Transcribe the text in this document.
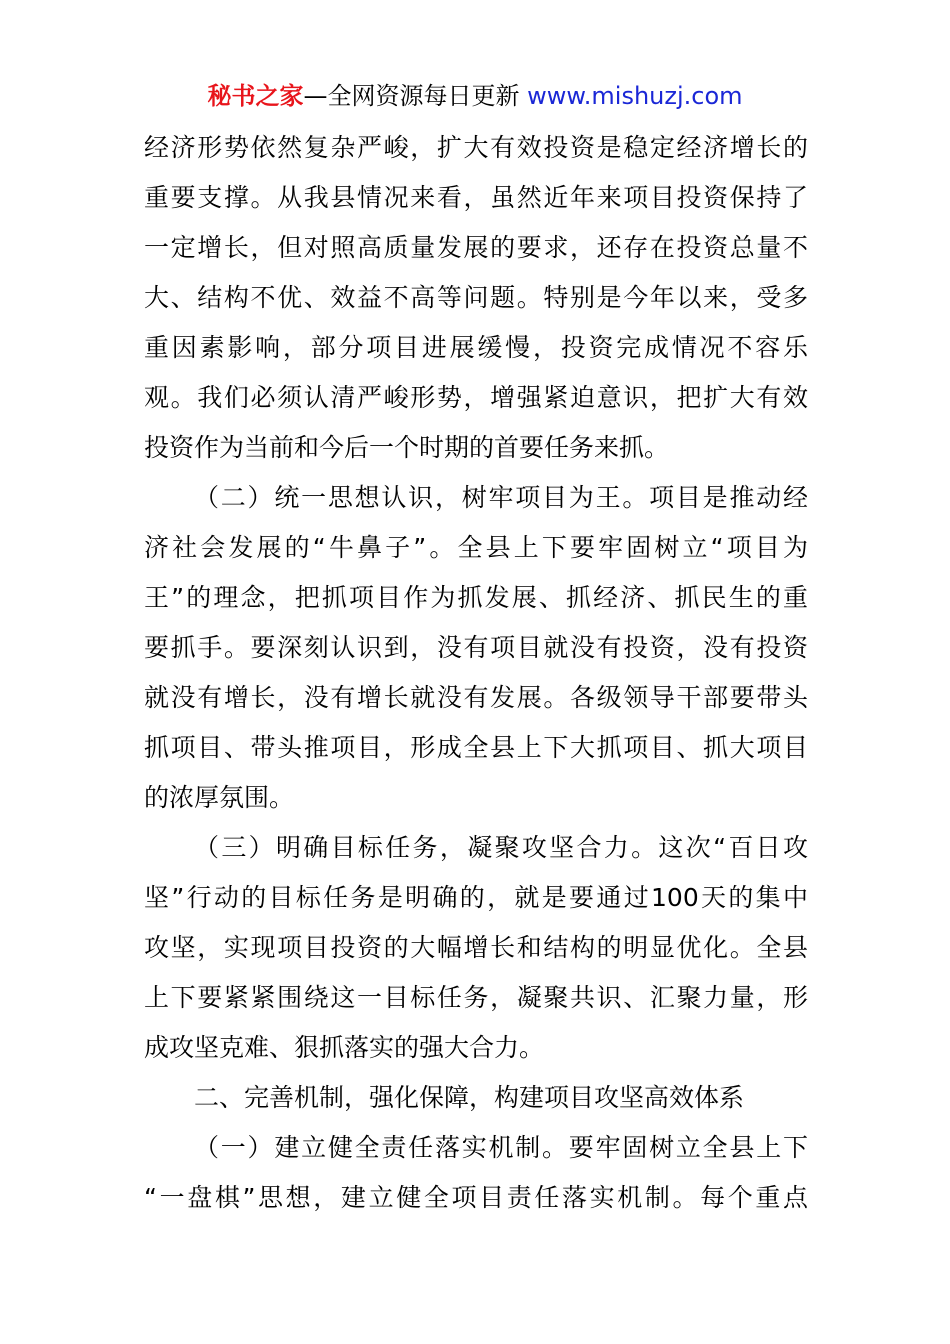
秘书之家—全网资源每日更新 www.mishuzj.com

经济形势依然复杂严峻，扩大有效投资是稳定经济增长的
重要支撑。从我县情况来看，虽然近年来项目投资保持了
一定增长，但对照高质量发展的要求，还存在投资总量不
大、结构不优、效益不高等问题。特别是今年以来，受多
重因素影响，部分项目进展缓慢，投资完成情况不容乐
观。我们必须认清严峻形势，增强紧迫意识，把扩大有效
投资作为当前和今后一个时期的首要任务来抓。

（二）统一思想认识，树牢项目为王。项目是推动经
济社会发展的“牛鼻子”。全县上下要牢固树立“项目为
王”的理念，把抓项目作为抓发展、抓经济、抓民生的重
要抓手。要深刻认识到，没有项目就没有投资，没有投资
就没有增长，没有增长就没有发展。各级领导干部要带头
抓项目、带头推项目，形成全县上下大抓项目、抓大项目
的浓厚氛围。

（三）明确目标任务，凝聚攻坚合力。这次“百日攻
坚”行动的目标任务是明确的，就是要通过100天的集中
攻坚，实现项目投资的大幅增长和结构的明显优化。全县
上下要紧紧围绕这一目标任务，凝聚共识、汇聚力量，形
成攻坚克难、狠抓落实的强大合力。

二、完善机制，强化保障，构建项目攻坚高效体系

（一）建立健全责任落实机制。要牢固树立全县上下
“一盘棋”思想，建立健全项目责任落实机制。每个重点
